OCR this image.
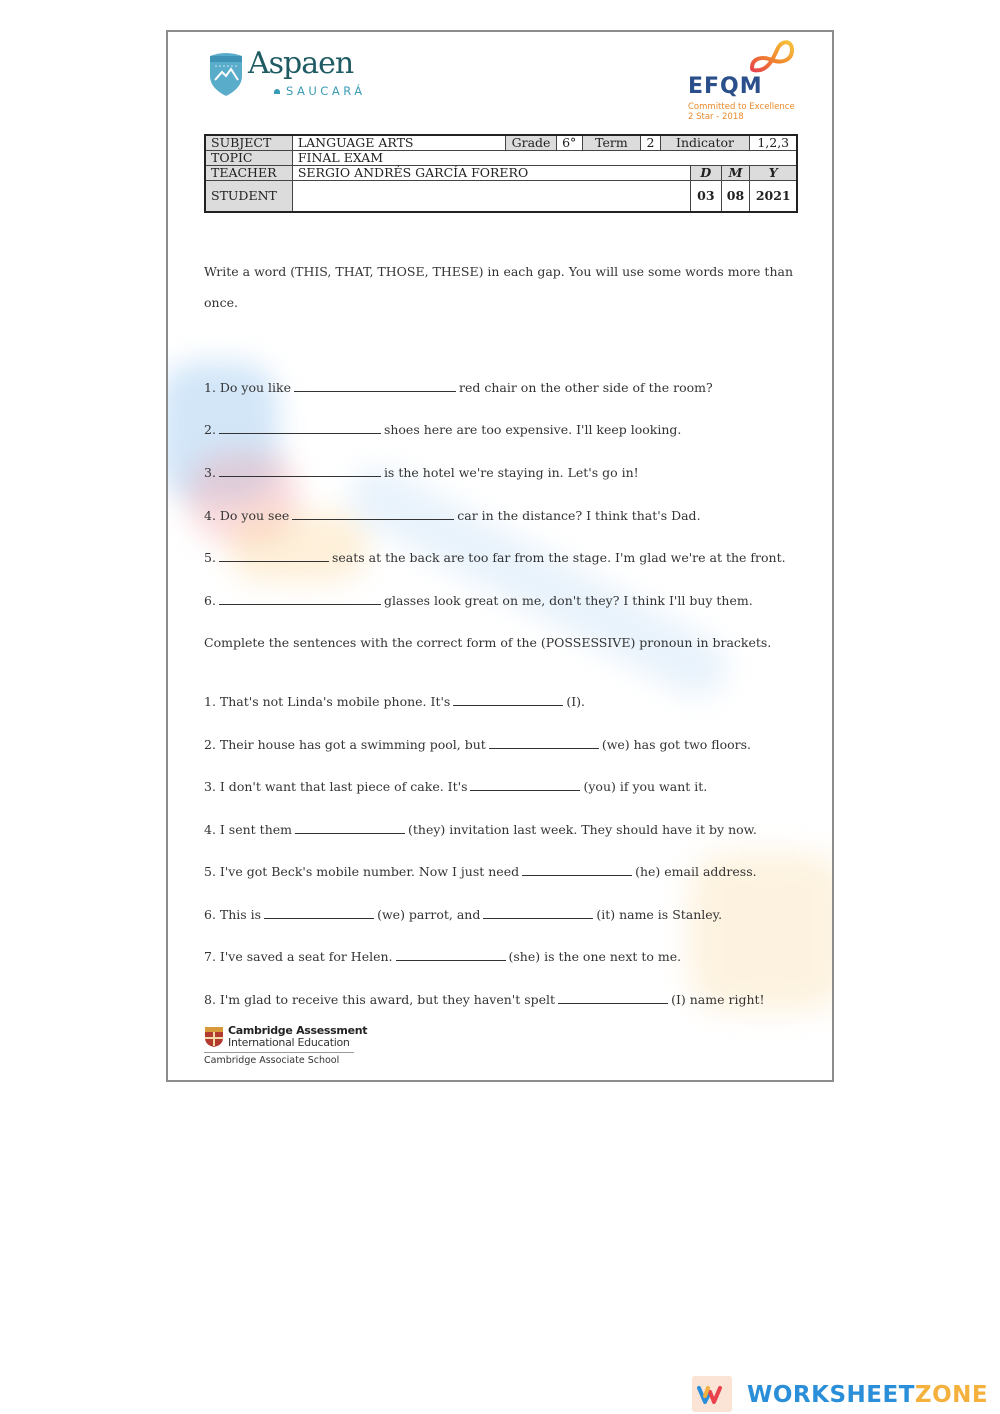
Aspaen
SAUCARÁ	EFQM
Committed to Excellence
2 Star - 2018
SUBJECT	LANGUAGE ARTS	Grade	6°	Term	2	Indicator			1,2,3
TOPIC	FINAL EXAM								
TEACHER	SERGIO ANDRÉS GARCÍA FORERO						D	M	Y
STUDENT							03	08	2021
Write a word (THIS, THAT, THOSE, THESE) in each gap. You will use some words more than
once.
1. Do you like	red chair on the other side of the room?
2.	shoes here are too expensive. I'll keep looking.
3.	is the hotel we're staying in. Let's go in!
4. Do you see	car in the distance? I think that's Dad.
5.	seats at the back are too far from the stage. I'm glad we're at the front.
6.	glasses look great on me, don't they? I think I'll buy them.
Complete the sentences with the correct form of the (POSSESSIVE) pronoun in brackets.
1. That's not Linda's mobile phone. It's	(I).
2. Their house has got a swimming pool, but	(we) has got two floors.
3. I don't want that last piece of cake. It's	(you) if you want it.
4. I sent them	(they) invitation last week. They should have it by now.
5. I've got Beck's mobile number. Now I just need	(he) email address.
6. This is	(we) parrot, and	(it) name is Stanley.
7. I've saved a seat for Helen.	(she) is the one next to me.
8. I'm glad to receive this award, but they haven't spelt	(I) name right!
Cambridge Assessment
International Education
Cambridge Associate School
WORKSHEETZONE
